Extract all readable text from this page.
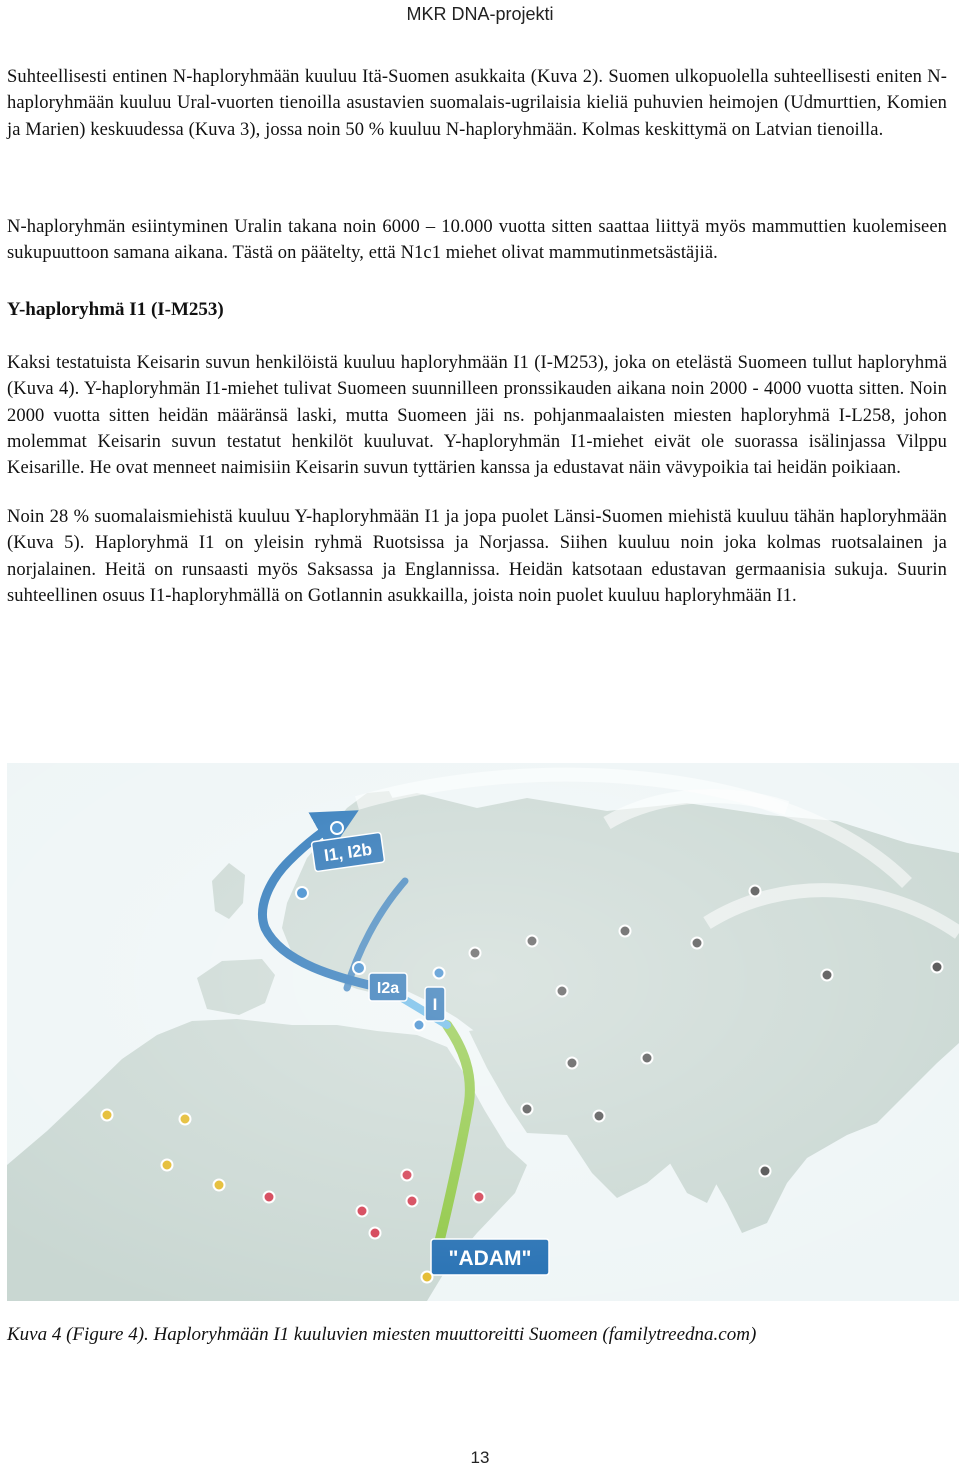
MKR DNA-projekti

Suhteellisesti entinen N-haploryhmään kuuluu Itä-Suomen asukkaita (Kuva 2). Suomen ulkopuolella suhteellisesti eniten N-haploryhmään kuuluu Ural-vuorten tienoilla asustavien suomalais-ugrilaisia kieliä puhuvien heimojen (Udmurttien, Komien ja Marien) keskuudessa (Kuva 3), jossa noin 50 % kuuluu N-haploryhmään. Kolmas keskittymä on Latvian tienoilla.

N-haploryhmän esiintyminen Uralin takana noin 6000 – 10.000 vuotta sitten saattaa liittyä myös mammuttien kuolemiseen sukupuuttoon samana aikana. Tästä on päätelty, että N1c1 miehet olivat mammutinmetsästäjiä.

Y-haploryhmä I1 (I-M253)

Kaksi testatuista Keisarin suvun henkilöistä kuuluu haploryhmään I1 (I-M253), joka on etelästä Suomeen tullut haploryhmä (Kuva 4). Y-haploryhmän I1-miehet tulivat Suomeen suunnilleen pronssikauden aikana noin 2000 - 4000 vuotta sitten. Noin 2000 vuotta sitten heidän määränsä laski, mutta Suomeen jäi ns. pohjanmaalaisten miesten haploryhmä I-L258, johon molemmat Keisarin suvun testatut henkilöt kuuluvat. Y-haploryhmän I1-miehet eivät ole suorassa isälinjassa Vilppu Keisarille. He ovat menneet naimisiin Keisarin suvun tyttärien kanssa ja edustavat näin vävypoikia tai heidän poikiaan.

Noin 28 % suomalaismiehistä kuuluu Y-haploryhmään I1 ja jopa puolet Länsi-Suomen miehistä kuuluu tähän haploryhmään (Kuva 5). Haploryhmä I1 on yleisin ryhmä Ruotsissa ja Norjassa. Siihen kuuluu noin joka kolmas ruotsalainen ja norjalainen. Heitä on runsaasti myös Saksassa ja Englannissa. Heidän katsotaan edustavan germaanisia sukuja. Suurin suhteellinen osuus I1-haploryhmällä on Gotlannin asukkailla, joista noin puolet kuuluu haploryhmään I1.

Kuva 4 (Figure 4). Haploryhmään I1 kuuluvien miesten muuttoreitti Suomeen (familytreedna.com)
13
